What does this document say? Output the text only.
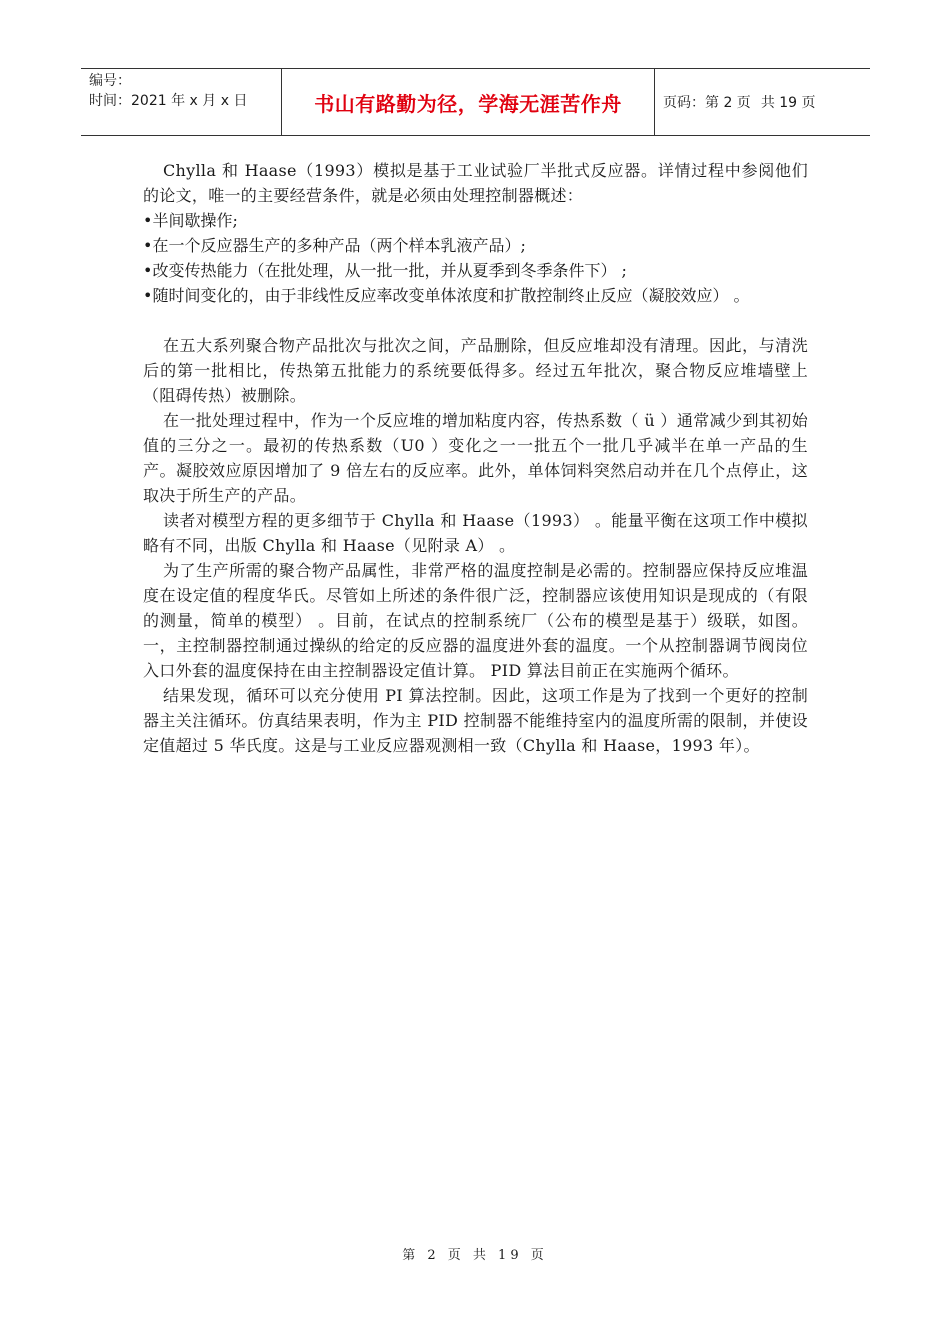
编号：
时间：2021 年 x 月 x 日	书山有路勤为径，学海无涯苦作舟	页码：第 2 页 共 19 页

Chylla 和 Haase（1993）模拟是基于工业试验厂半批式反应器。详情过程中参阅他们的论文，唯一的主要经营条件，就是必须由处理控制器概述：

•半间歇操作;

•在一个反应器生产的多种产品（两个样本乳液产品）;

•改变传热能力（在批处理，从一批一批，并从夏季到冬季条件下） ;

•随时间变化的，由于非线性反应率改变单体浓度和扩散控制终止反应（凝胶效应） 。

在五大系列聚合物产品批次与批次之间，产品删除，但反应堆却没有清理。因此，与清洗后的第一批相比，传热第五批能力的系统要低得多。经过五年批次，聚合物反应堆墙壁上（阻碍传热）被删除。

在一批处理过程中，作为一个反应堆的增加粘度内容，传热系数（ ü ）通常减少到其初始值的三分之一。最初的传热系数（U0 ）变化之一一批五个一批几乎减半在单一产品的生产。凝胶效应原因增加了 9 倍左右的反应率。此外，单体饲料突然启动并在几个点停止，这取决于所生产的产品。

读者对模型方程的更多细节于 Chylla 和 Haase（1993） 。能量平衡在这项工作中模拟略有不同，出版 Chylla 和 Haase（见附录 A） 。

为了生产所需的聚合物产品属性，非常严格的温度控制是必需的。控制器应保持反应堆温度在设定值的程度华氏。尽管如上所述的条件很广泛，控制器应该使用知识是现成的（有限的测量，简单的模型） 。目前，在试点的控制系统厂（公布的模型是基于）级联，如图。一，主控制器控制通过操纵的给定的反应器的温度进外套的温度。一个从控制器调节阀岗位入口外套的温度保持在由主控制器设定值计算。 PID 算法目前正在实施两个循环。

结果发现，循环可以充分使用 PI 算法控制。因此，这项工作是为了找到一个更好的控制器主关注循环。仿真结果表明，作为主 PID 控制器不能维持室内的温度所需的限制，并使设定值超过 5 华氏度。这是与工业反应器观测相一致（Chylla 和 Haase，1993 年）。

第 2 页 共 19 页
